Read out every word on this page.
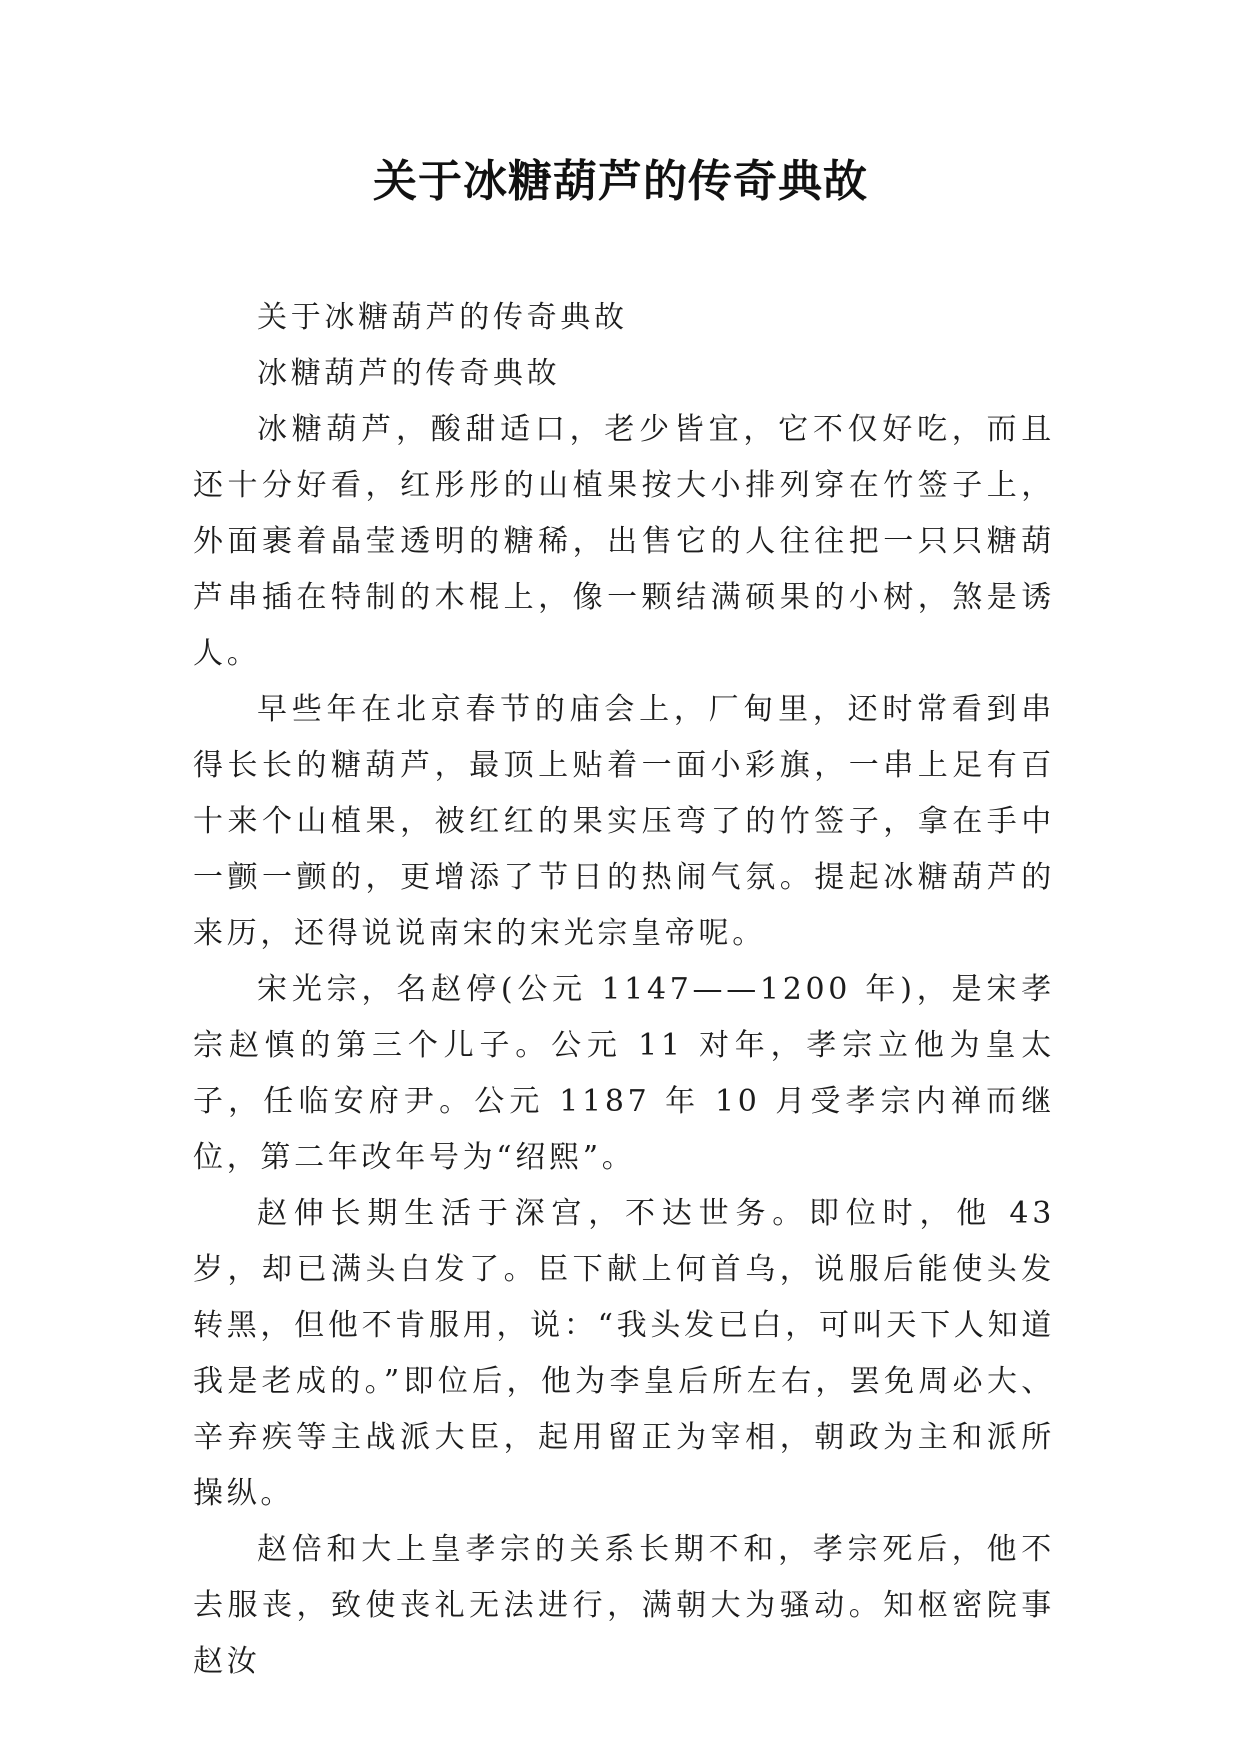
关于冰糖葫芦的传奇典故

关于冰糖葫芦的传奇典故

冰糖葫芦的传奇典故

冰糖葫芦，酸甜适口，老少皆宜，它不仅好吃，而且还十分好看，红彤彤的山植果按大小排列穿在竹签子上，外面裹着晶莹透明的糖稀，出售它的人往往把一只只糖葫芦串插在特制的木棍上，像一颗结满硕果的小树，煞是诱人。

早些年在北京春节的庙会上，厂甸里，还时常看到串得长长的糖葫芦，最顶上贴着一面小彩旗，一串上足有百十来个山植果，被红红的果实压弯了的竹签子，拿在手中一颤一颤的，更增添了节日的热闹气氛。提起冰糖葫芦的来历，还得说说南宋的宋光宗皇帝呢。

宋光宗，名赵停(公元 1147——1200 年)，是宋孝宗赵慎的第三个儿子。公元 11 对年，孝宗立他为皇太子，任临安府尹。公元 1187 年 10 月受孝宗内禅而继位，第二年改年号为“绍熙”。

赵伸长期生活于深宫，不达世务。即位时，他 43 岁，却已满头白发了。臣下献上何首乌，说服后能使头发转黑，但他不肯服用，说：“我头发已白，可叫天下人知道我是老成的。”即位后，他为李皇后所左右，罢免周必大、辛弃疾等主战派大臣，起用留正为宰相，朝政为主和派所操纵。

赵倍和大上皇孝宗的关系长期不和，孝宗死后，他不去服丧，致使丧礼无法进行，满朝大为骚动。知枢密院事赵汝
